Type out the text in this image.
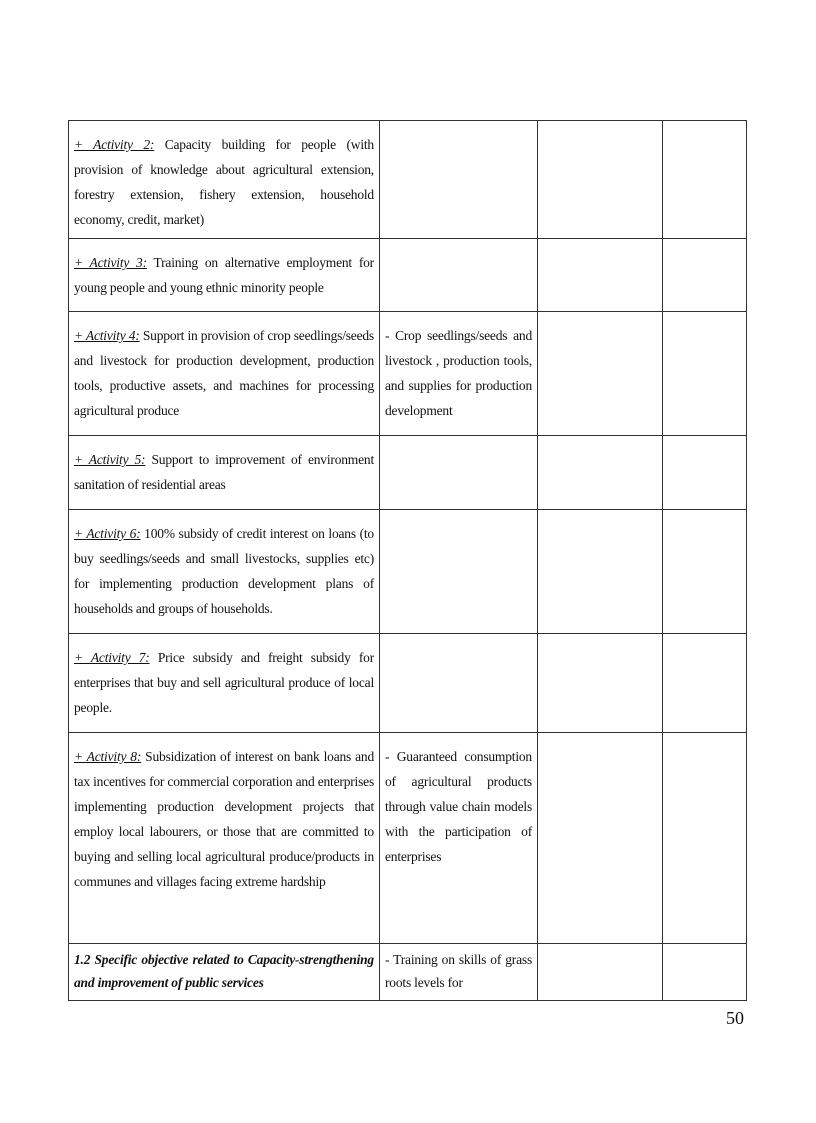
+ Activity 2: Capacity building for people (with provision of knowledge about agricultural extension, forestry extension, fishery extension, household economy, credit, market)			
+ Activity 3: Training on alternative employment for young people and young ethnic minority people			
+ Activity 4: Support in provision of crop seedlings/seeds and livestock for production development, production tools, productive assets, and machines for processing agricultural produce	- Crop seedlings/seeds and livestock , production tools, and supplies for production development		
+ Activity 5: Support to improvement of environment sanitation of residential areas			
+ Activity 6: 100% subsidy of credit interest on loans (to buy seedlings/seeds and small livestocks, supplies etc) for implementing production development plans of households and groups of households.			
+ Activity 7: Price subsidy and freight subsidy for enterprises that buy and sell agricultural produce of local people.			
+ Activity 8: Subsidization of interest on bank loans and tax incentives for commercial corporation and enterprises implementing production development projects that employ local labourers, or those that are committed to buying and selling local agricultural produce/products in communes and villages facing extreme hardship	- Guaranteed consumption of agricultural products through value chain models with the participation of enterprises		
1.2 Specific objective related to Capacity-strengthening and improvement of public services	- Training on skills of grass roots levels for		
50
